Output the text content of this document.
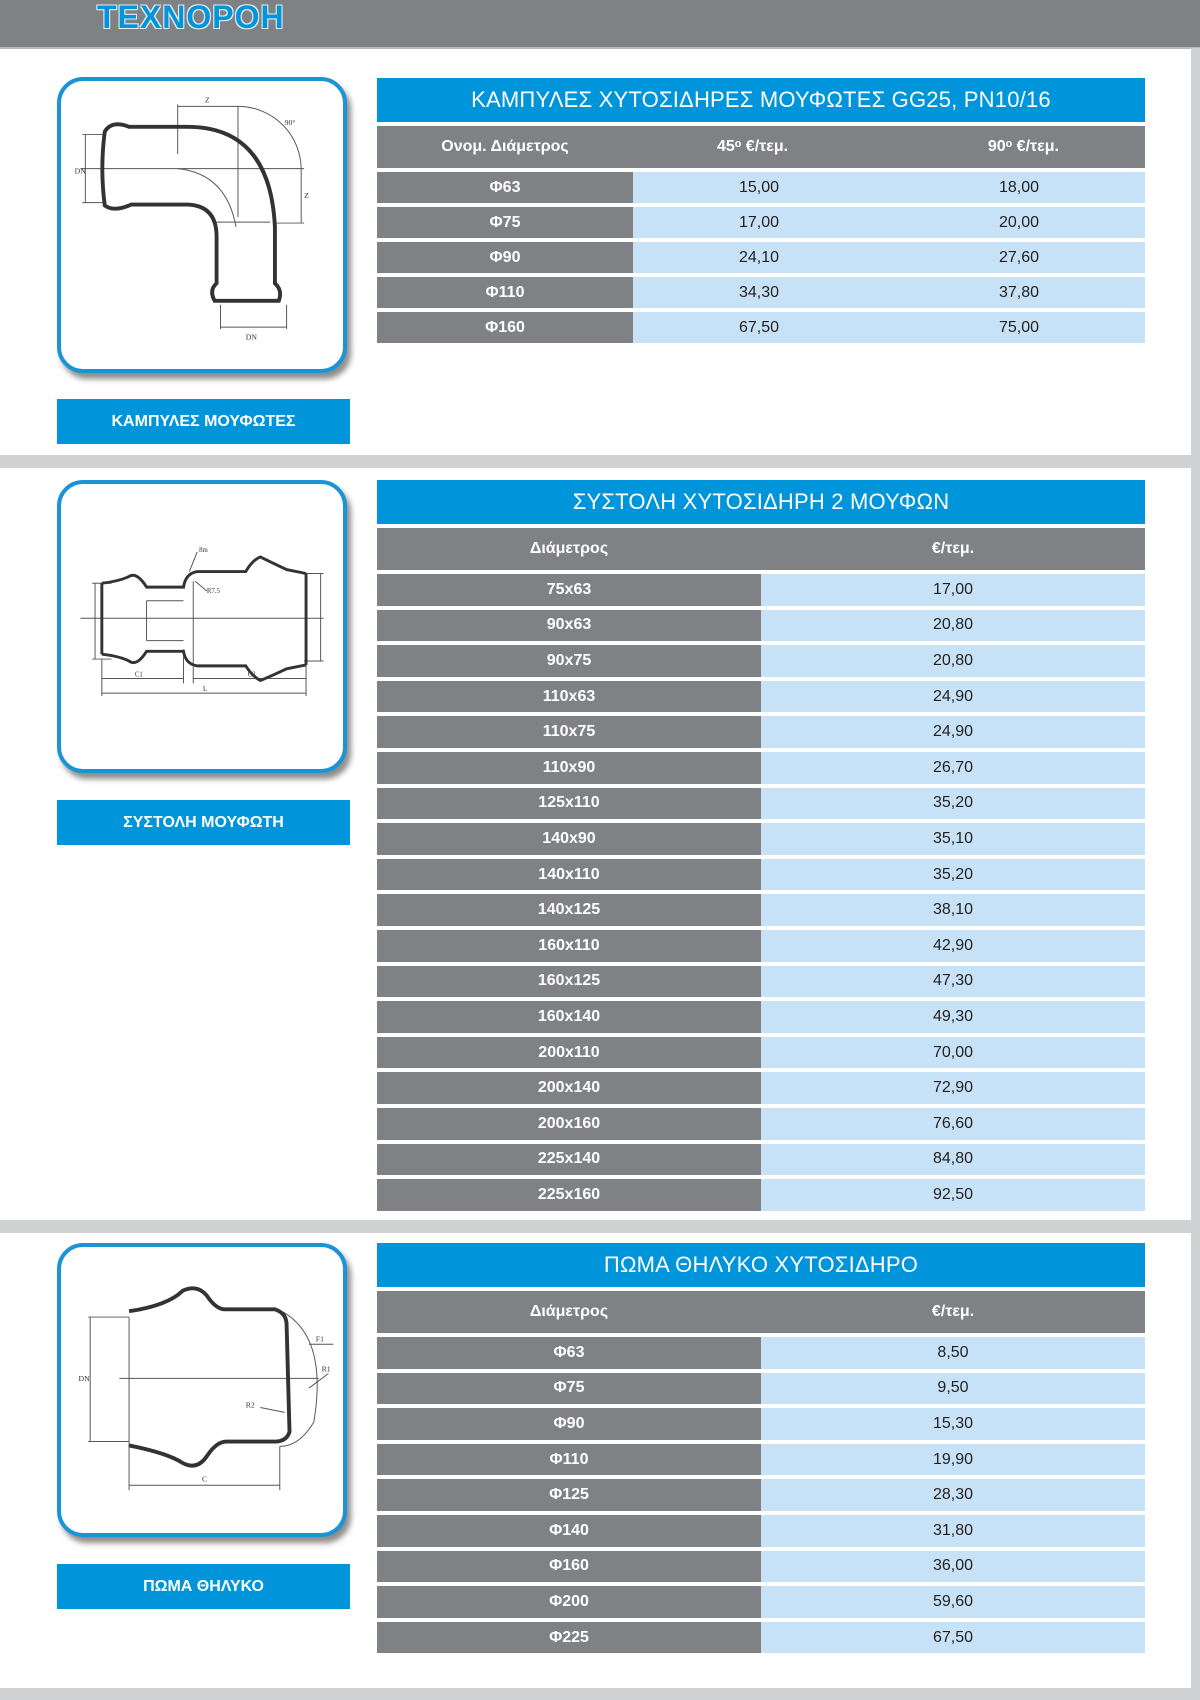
ΤΕΧΝΟΡΟΗ
Z
90°
Z
DN
DN
ΚΑΜΠΥΛΕΣ ΜΟΥΦΩΤΕΣ
ΚΑΜΠΥΛΕΣ ΧΥΤΟΣΙΔΗΡΕΣ ΜΟΥΦΩΤΕΣ GG25, PN10/16
Ονομ. Διάμετρος	45ᵒ €/τεμ.	90ᵒ €/τεμ.
Φ63	15,00	18,00
Φ75	17,00	20,00
Φ90	24,10	27,60
Φ110	34,30	37,80
Φ160	67,50	75,00
8m
R7.5
C1	C2
L
ΣΥΣΤΟΛΗ ΜΟΥΦΩΤΗ
ΣΥΣΤΟΛΗ ΧΥΤΟΣΙΔΗΡΗ 2 ΜΟΥΦΩΝ
Διάμετρος	€/τεμ.
75x63	17,00
90x63	20,80
90x75	20,80
110x63	24,90
110x75	24,90
110x90	26,70
125x110	35,20
140x90	35,10
140x110	35,20
140x125	38,10
160x110	42,90
160x125	47,30
160x140	49,30
200x110	70,00
200x140	72,90
200x160	76,60
225x140	84,80
225x160	92,50
F1
R1
R2
C
DN
ΠΩΜΑ ΘΗΛΥΚΟ
ΠΩΜΑ ΘΗΛΥΚΟ ΧΥΤΟΣΙΔΗΡΟ
Διάμετρος	€/τεμ.
Φ63	8,50
Φ75	9,50
Φ90	15,30
Φ110	19,90
Φ125	28,30
Φ140	31,80
Φ160	36,00
Φ200	59,60
Φ225	67,50
